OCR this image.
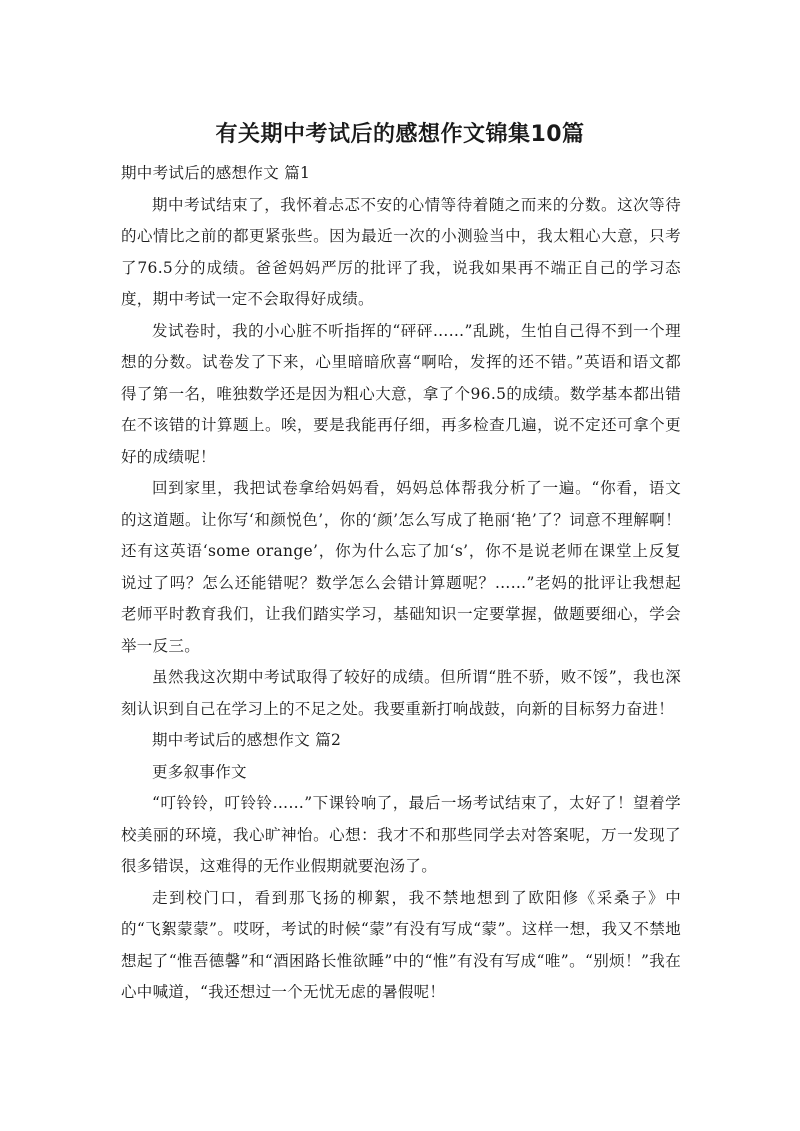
有关期中考试后的感想作文锦集10篇

期中考试后的感想作文 篇1

期中考试结束了，我怀着忐忑不安的心情等待着随之而来的分数。这次等待的心情比之前的都更紧张些。因为最近一次的小测验当中，我太粗心大意，只考了76.5分的成绩。爸爸妈妈严厉的批评了我，说我如果再不端正自己的学习态度，期中考试一定不会取得好成绩。

发试卷时，我的小心脏不听指挥的“砰砰……”乱跳，生怕自己得不到一个理想的分数。试卷发了下来，心里暗暗欣喜“啊哈，发挥的还不错。”英语和语文都得了第一名，唯独数学还是因为粗心大意，拿了个96.5的成绩。数学基本都出错在不该错的计算题上。唉，要是我能再仔细，再多检查几遍，说不定还可拿个更好的成绩呢！

回到家里，我把试卷拿给妈妈看，妈妈总体帮我分析了一遍。“你看，语文的这道题。让你写‘和颜悦色’，你的‘颜’怎么写成了艳丽‘艳’了？词意不理解啊！还有这英语‘some orange’，你为什么忘了加‘s’，你不是说老师在课堂上反复说过了吗？怎么还能错呢？数学怎么会错计算题呢？……”老妈的批评让我想起老师平时教育我们，让我们踏实学习，基础知识一定要掌握，做题要细心，学会举一反三。

虽然我这次期中考试取得了较好的成绩。但所谓“胜不骄，败不馁”，我也深刻认识到自己在学习上的不足之处。我要重新打响战鼓，向新的目标努力奋进！

期中考试后的感想作文 篇2

更多叙事作文

“叮铃铃，叮铃铃……”下课铃响了，最后一场考试结束了，太好了！望着学校美丽的环境，我心旷神怡。心想：我才不和那些同学去对答案呢，万一发现了很多错误，这难得的无作业假期就要泡汤了。

走到校门口，看到那飞扬的柳絮，我不禁地想到了欧阳修《采桑子》中的“飞絮蒙蒙”。哎呀，考试的时候“蒙”有没有写成“蒙”。这样一想，我又不禁地想起了“惟吾德馨”和“酒困路长惟欲睡”中的“惟”有没有写成“唯”。“别烦！”我在心中喊道，“我还想过一个无忧无虑的暑假呢！
